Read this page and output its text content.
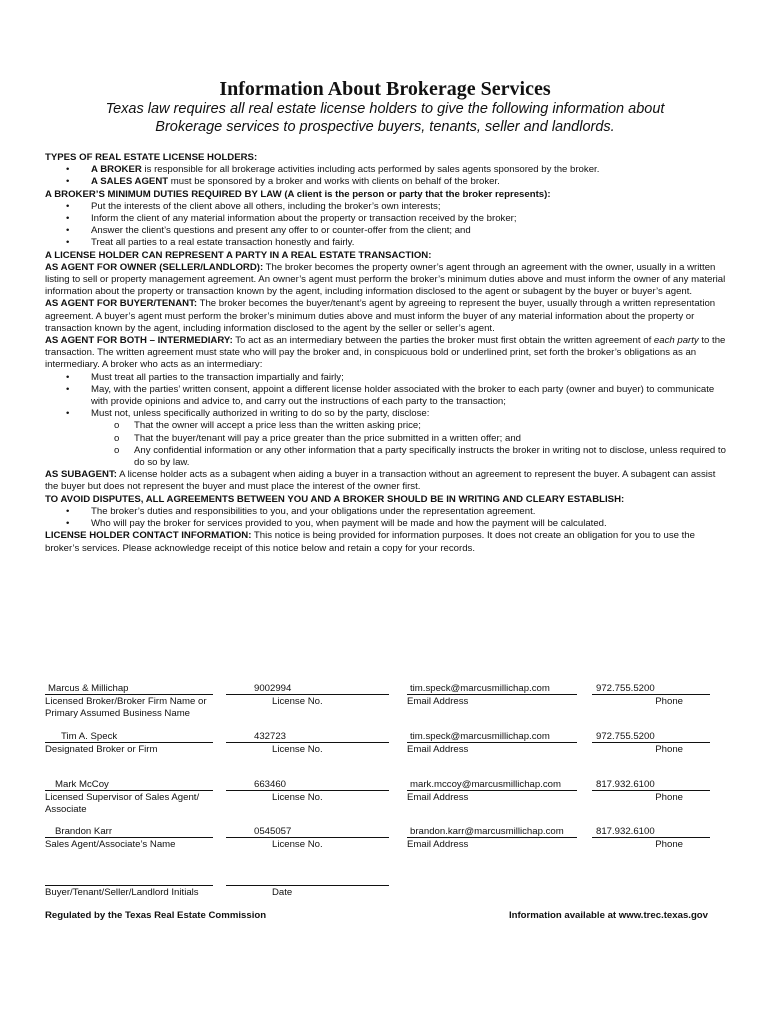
Information About Brokerage Services
Texas law requires all real estate license holders to give the following information about
Brokerage services to prospective buyers, tenants, seller and landlords.

TYPES OF REAL ESTATE LICENSE HOLDERS:

• A BROKER is responsible for all brokerage activities including acts performed by sales agents sponsored by the broker.
• A SALES AGENT must be sponsored by a broker and works with clients on behalf of the broker.

A BROKER’S MINIMUM DUTIES REQUIRED BY LAW (A client is the person or party that the broker represents):

• Put the interests of the client above all others, including the broker’s own interests;
• Inform the client of any material information about the property or transaction received by the broker;
• Answer the client’s questions and present any offer to or counter-offer from the client; and
• Treat all parties to a real estate transaction honestly and fairly.

A LICENSE HOLDER CAN REPRESENT A PARTY IN A REAL ESTATE TRANSACTION:

AS AGENT FOR OWNER (SELLER/LANDLORD): The broker becomes the property owner’s agent through an agreement with the owner, usually in a written listing to sell or property management agreement. An owner’s agent must perform the broker’s minimum duties above and must inform the owner of any material information about the property or transaction known by the agent, including information disclosed to the agent or subagent by the buyer or buyer’s agent.

AS AGENT FOR BUYER/TENANT: The broker becomes the buyer/tenant’s agent by agreeing to represent the buyer, usually through a written representation agreement. A buyer’s agent must perform the broker’s minimum duties above and must inform the buyer of any material information about the property or transaction known by the agent, including information disclosed to the agent by the seller or seller’s agent.

AS AGENT FOR BOTH – INTERMEDIARY: To act as an intermediary between the parties the broker must first obtain the written agreement of each party to the transaction. The written agreement must state who will pay the broker and, in conspicuous bold or underlined print, set forth the broker’s obligations as an intermediary. A broker who acts as an intermediary:

• Must treat all parties to the transaction impartially and fairly;
• May, with the parties’ written consent, appoint a different license holder associated with the broker to each party (owner and buyer) to communicate with provide opinions and advice to, and carry out the instructions of each party to the transaction;
• Must not, unless specifically authorized in writing to do so by the party, disclose:
o That the owner will accept a price less than the written asking price;
o That the buyer/tenant will pay a price greater than the price submitted in a written offer; and
o Any confidential information or any other information that a party specifically instructs the broker in writing not to disclose, unless required to do so by law.

AS SUBAGENT: A license holder acts as a subagent when aiding a buyer in a transaction without an agreement to represent the buyer. A subagent can assist the buyer but does not represent the buyer and must place the interest of the owner first.

TO AVOID DISPUTES, ALL AGREEMENTS BETWEEN YOU AND A BROKER SHOULD BE IN WRITING AND CLEARY ESTABLISH:

• The broker’s duties and responsibilities to you, and your obligations under the representation agreement.
• Who will pay the broker for services provided to you, when payment will be made and how the payment will be calculated.

LICENSE HOLDER CONTACT INFORMATION: This notice is being provided for information purposes. It does not create an obligation for you to use the broker’s services. Please acknowledge receipt of this notice below and retain a copy for your records.

Marcus & Millichap
Licensed Broker/Broker Firm Name or
Primary Assumed Business Name
9002994
License No.
tim.speck@marcusmillichap.com
Email Address
972.755.5200
Phone
Tim A. Speck
Designated Broker or Firm
432723
License No.
tim.speck@marcusmillichap.com
Email Address
972.755.5200
Phone
Mark McCoy
Licensed Supervisor of Sales Agent/
Associate
663460
License No.
mark.mccoy@marcusmillichap.com
Email Address
817.932.6100
Phone
Brandon Karr
Sales Agent/Associate’s Name
0545057
License No.
brandon.karr@marcusmillichap.com
Email Address
817.932.6100
Phone
Buyer/Tenant/Seller/Landlord Initials	Date
Regulated by the Texas Real Estate Commission	Information available at www.trec.texas.gov
